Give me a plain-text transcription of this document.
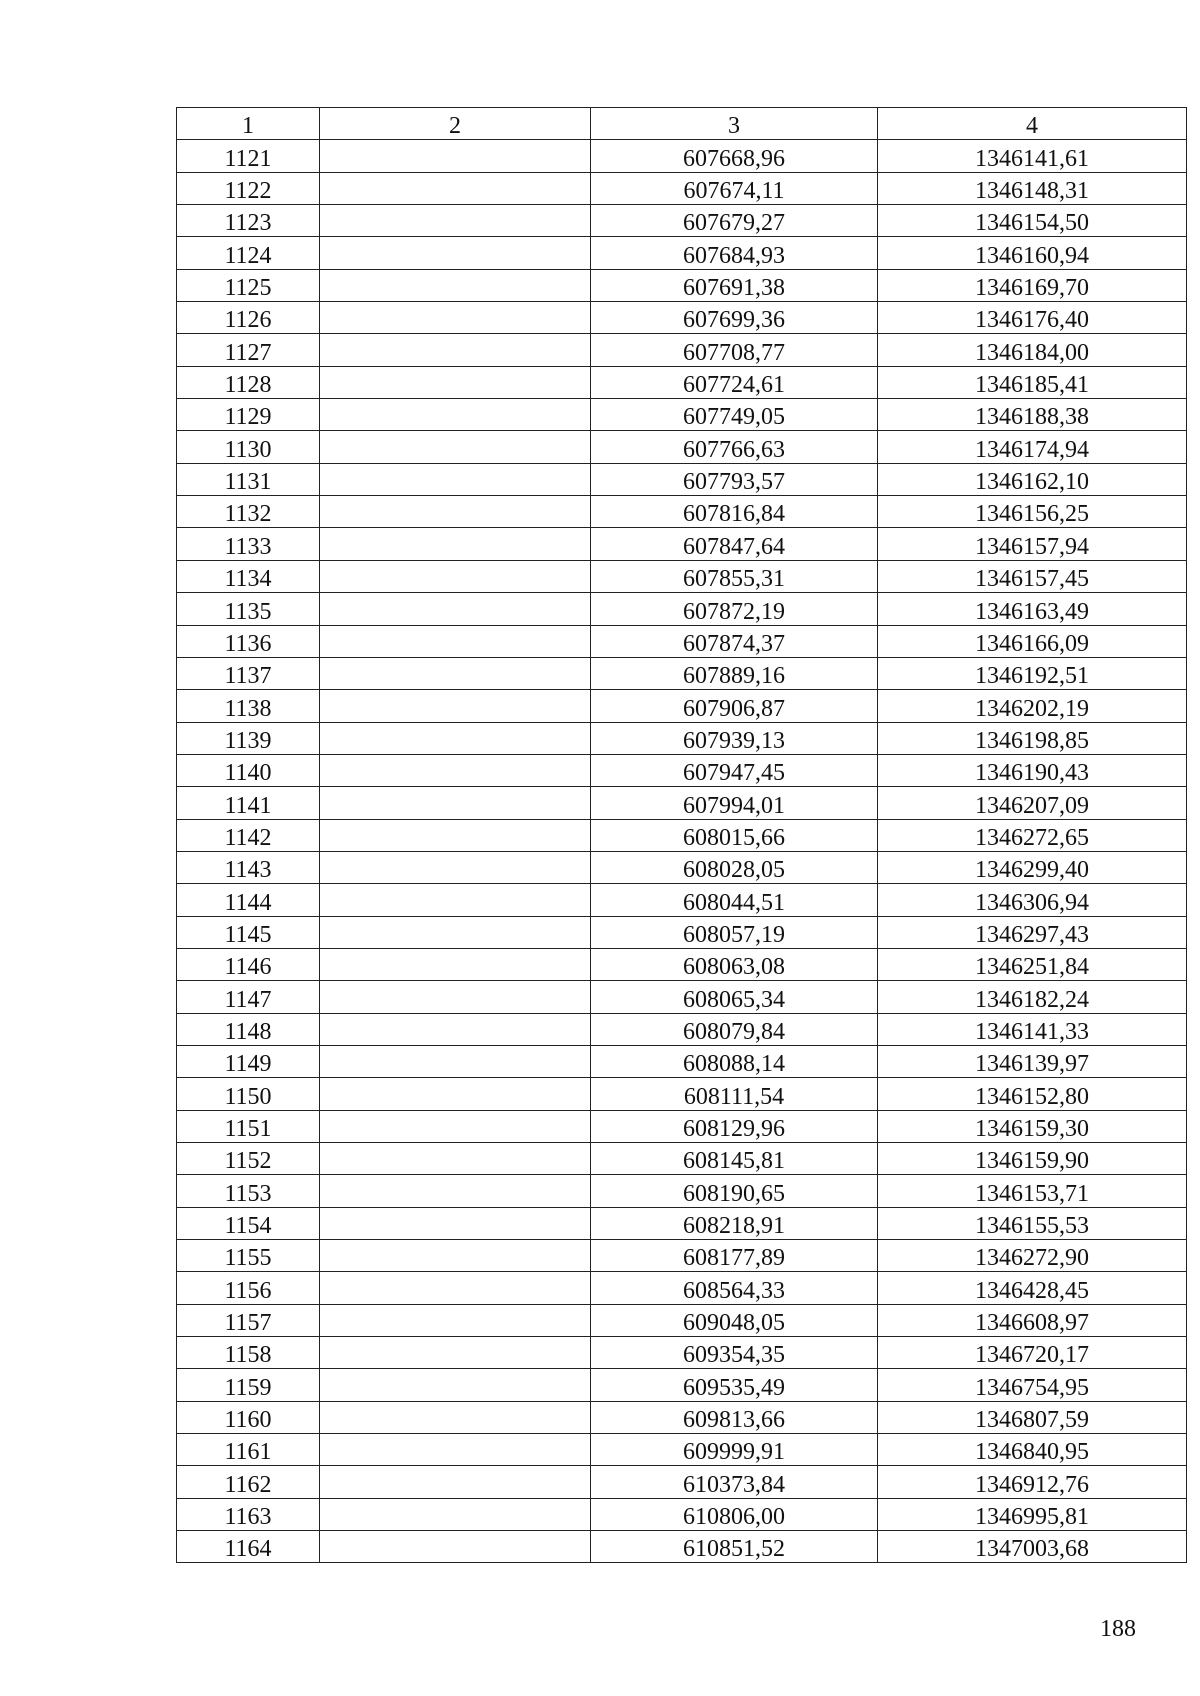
1	2	3	4
1121		607668,96	1346141,61
1122		607674,11	1346148,31
1123		607679,27	1346154,50
1124		607684,93	1346160,94
1125		607691,38	1346169,70
1126		607699,36	1346176,40
1127		607708,77	1346184,00
1128		607724,61	1346185,41
1129		607749,05	1346188,38
1130		607766,63	1346174,94
1131		607793,57	1346162,10
1132		607816,84	1346156,25
1133		607847,64	1346157,94
1134		607855,31	1346157,45
1135		607872,19	1346163,49
1136		607874,37	1346166,09
1137		607889,16	1346192,51
1138		607906,87	1346202,19
1139		607939,13	1346198,85
1140		607947,45	1346190,43
1141		607994,01	1346207,09
1142		608015,66	1346272,65
1143		608028,05	1346299,40
1144		608044,51	1346306,94
1145		608057,19	1346297,43
1146		608063,08	1346251,84
1147		608065,34	1346182,24
1148		608079,84	1346141,33
1149		608088,14	1346139,97
1150		608111,54	1346152,80
1151		608129,96	1346159,30
1152		608145,81	1346159,90
1153		608190,65	1346153,71
1154		608218,91	1346155,53
1155		608177,89	1346272,90
1156		608564,33	1346428,45
1157		609048,05	1346608,97
1158		609354,35	1346720,17
1159		609535,49	1346754,95
1160		609813,66	1346807,59
1161		609999,91	1346840,95
1162		610373,84	1346912,76
1163		610806,00	1346995,81
1164		610851,52	1347003,68
188
